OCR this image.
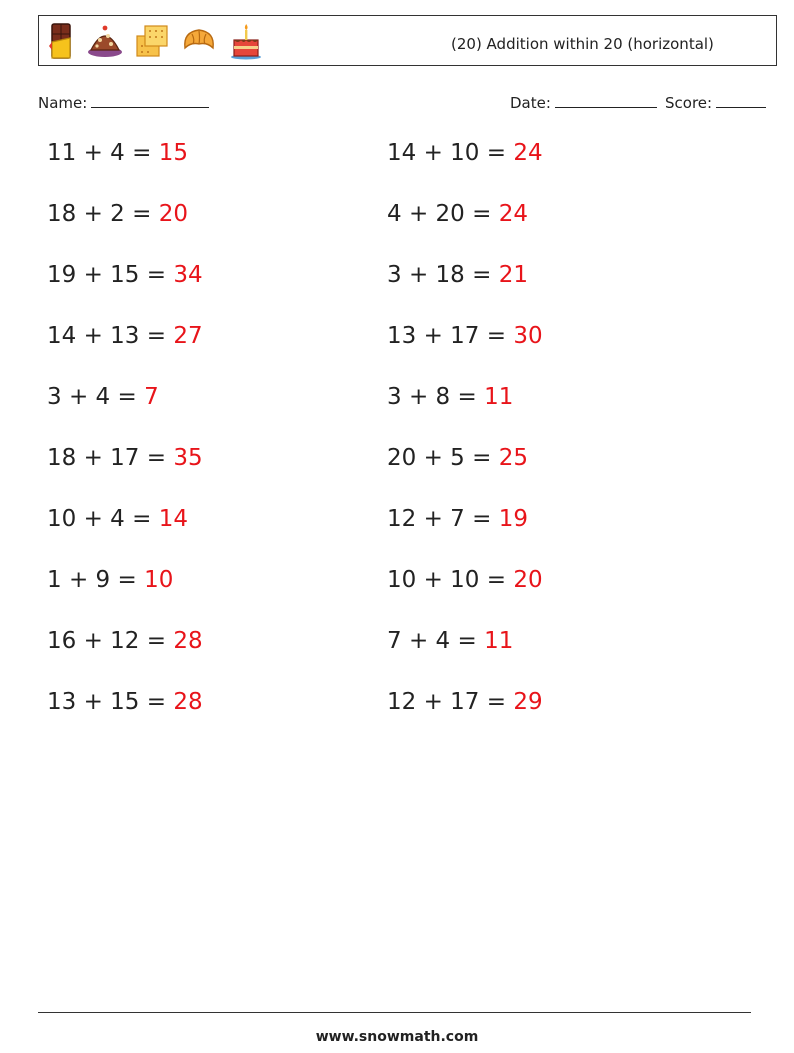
(20) Addition within 20 (horizontal)
Name:	Date:	Score:
11 + 4 = 15	14 + 10 = 24
18 + 2 = 20	4 + 20 = 24
19 + 15 = 34	3 + 18 = 21
14 + 13 = 27	13 + 17 = 30
3 + 4 = 7	3 + 8 = 11
18 + 17 = 35	20 + 5 = 25
10 + 4 = 14	12 + 7 = 19
1 + 9 = 10	10 + 10 = 20
16 + 12 = 28	7 + 4 = 11
13 + 15 = 28	12 + 17 = 29
www.snowmath.com
